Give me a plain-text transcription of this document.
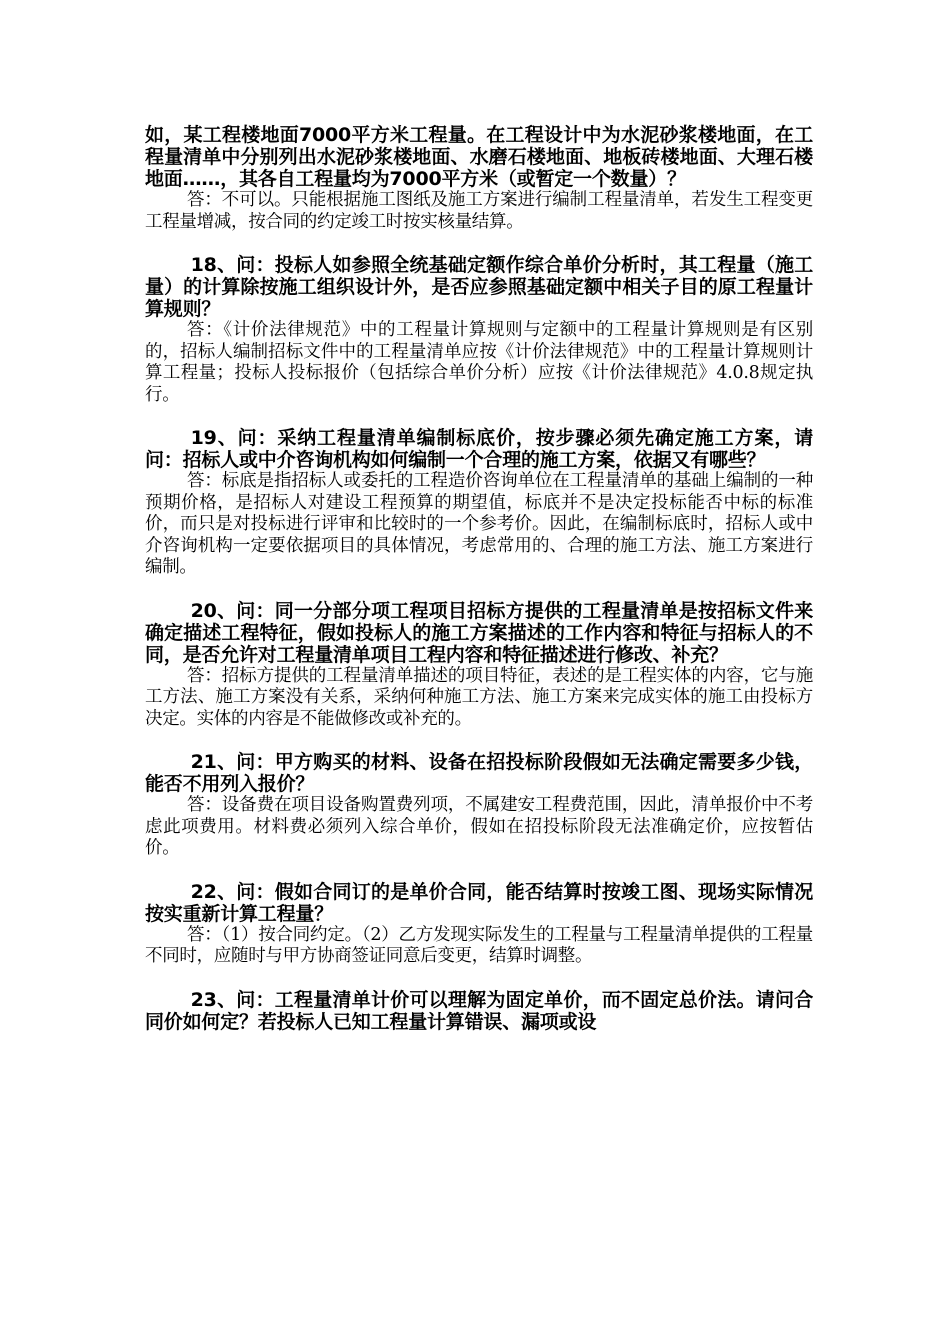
如，某工程楼地面7000平方米工程量。在工程设计中为水泥砂浆楼地面，在工程量清单中分别列出水泥砂浆楼地面、水磨石楼地面、地板砖楼地面、大理石楼地面……，其各自工程量均为7000平方米（或暂定一个数量）？

答：不可以。只能根据施工图纸及施工方案进行编制工程量清单，若发生工程变更工程量增减，按合同的约定竣工时按实核量结算。

18、问：投标人如参照全统基础定额作综合单价分析时，其工程量（施工量）的计算除按施工组织设计外，是否应参照基础定额中相关子目的原工程量计算规则？

答：《计价法律规范》中的工程量计算规则与定额中的工程量计算规则是有区别的，招标人编制招标文件中的工程量清单应按《计价法律规范》中的工程量计算规则计算工程量；投标人投标报价（包括综合单价分析）应按《计价法律规范》4.0.8规定执行。

19、问：采纳工程量清单编制标底价，按步骤必须先确定施工方案，请问：招标人或中介咨询机构如何编制一个合理的施工方案，依据又有哪些？

答：标底是指招标人或委托的工程造价咨询单位在工程量清单的基础上编制的一种预期价格，是招标人对建设工程预算的期望值，标底并不是决定投标能否中标的标准价，而只是对投标进行评审和比较时的一个参考价。因此，在编制标底时，招标人或中介咨询机构一定要依据项目的具体情况，考虑常用的、合理的施工方法、施工方案进行编制。

20、问：同一分部分项工程项目招标方提供的工程量清单是按招标文件来确定描述工程特征，假如投标人的施工方案描述的工作内容和特征与招标人的不同，是否允许对工程量清单项目工程内容和特征描述进行修改、补充？

答：招标方提供的工程量清单描述的项目特征，表述的是工程实体的内容，它与施工方法、施工方案没有关系，采纳何种施工方法、施工方案来完成实体的施工由投标方决定。实体的内容是不能做修改或补充的。

21、问：甲方购买的材料、设备在招投标阶段假如无法确定需要多少钱，能否不用列入报价？

答：设备费在项目设备购置费列项，不属建安工程费范围，因此，清单报价中不考虑此项费用。材料费必须列入综合单价，假如在招投标阶段无法准确定价，应按暂估价。

22、问：假如合同订的是单价合同，能否结算时按竣工图、现场实际情况按实重新计算工程量？

答：（1）按合同约定。（2）乙方发现实际发生的工程量与工程量清单提供的工程量不同时，应随时与甲方协商签证同意后变更，结算时调整。

23、问：工程量清单计价可以理解为固定单价，而不固定总价法。请问合同价如何定？若投标人已知工程量计算错误、漏项或设
